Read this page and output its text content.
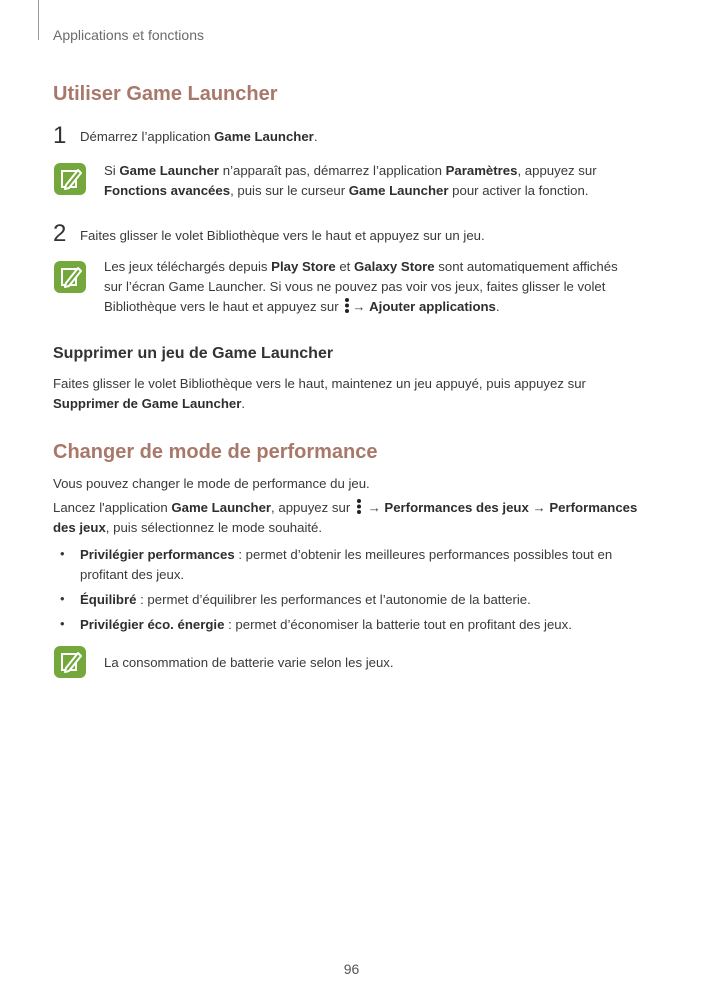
Applications et fonctions
Utiliser Game Launcher
1 Démarrez l’application Game Launcher.
Si Game Launcher n’apparaît pas, démarrez l’application Paramètres, appuyez sur
Fonctions avancées, puis sur le curseur Game Launcher pour activer la fonction.
2 Faites glisser le volet Bibliothèque vers le haut et appuyez sur un jeu.
Les jeux téléchargés depuis Play Store et Galaxy Store sont automatiquement affichés
sur l’écran Game Launcher. Si vous ne pouvez pas voir vos jeux, faites glisser le volet
Bibliothèque vers le haut et appuyez sur → Ajouter applications.
Supprimer un jeu de Game Launcher
Faites glisser le volet Bibliothèque vers le haut, maintenez un jeu appuyé, puis appuyez sur
Supprimer de Game Launcher.
Changer de mode de performance
Vous pouvez changer le mode de performance du jeu.
Lancez l'application Game Launcher, appuyez sur  → Performances des jeux → Performances
des jeux, puis sélectionnez le mode souhaité.
• Privilégier performances : permet d’obtenir les meilleures performances possibles tout en
profitant des jeux.
• Équilibré : permet d’équilibrer les performances et l’autonomie de la batterie.
• Privilégier éco. énergie : permet d’économiser la batterie tout en profitant des jeux.
La consommation de batterie varie selon les jeux.
96
